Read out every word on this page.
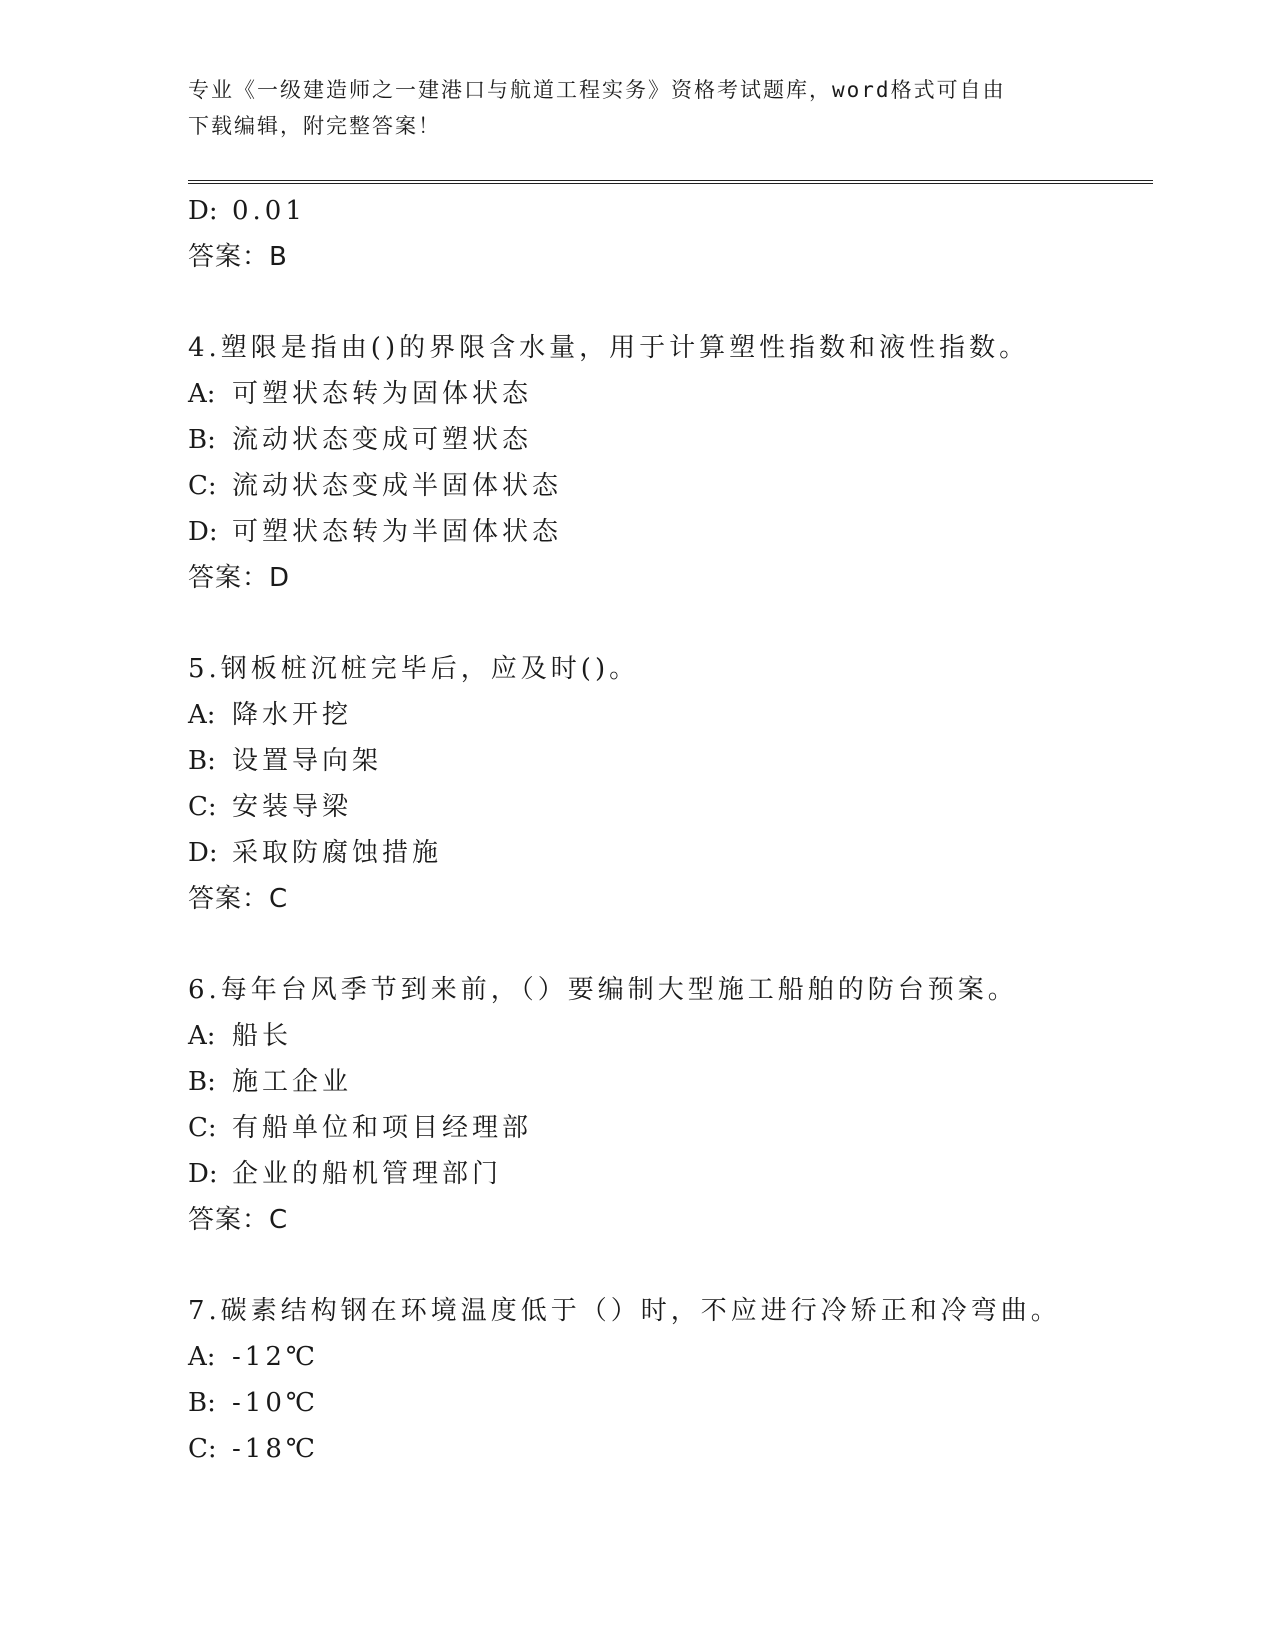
专业《一级建造师之一建港口与航道工程实务》资格考试题库，word格式可自由
下载编辑，附完整答案！
D: 0.01
答案：B
4.塑限是指由()的界限含水量，用于计算塑性指数和液性指数。
A: 可塑状态转为固体状态
B: 流动状态变成可塑状态
C: 流动状态变成半固体状态
D: 可塑状态转为半固体状态
答案：D
5.钢板桩沉桩完毕后，应及时()。
A: 降水开挖
B: 设置导向架
C: 安装导梁
D: 采取防腐蚀措施
答案：C
6.每年台风季节到来前，（）要编制大型施工船舶的防台预案。
A: 船长
B: 施工企业
C: 有船单位和项目经理部
D: 企业的船机管理部门
答案：C
7.碳素结构钢在环境温度低于（）时，不应进行冷矫正和冷弯曲。
A: -12℃
B: -10℃
C: -18℃
